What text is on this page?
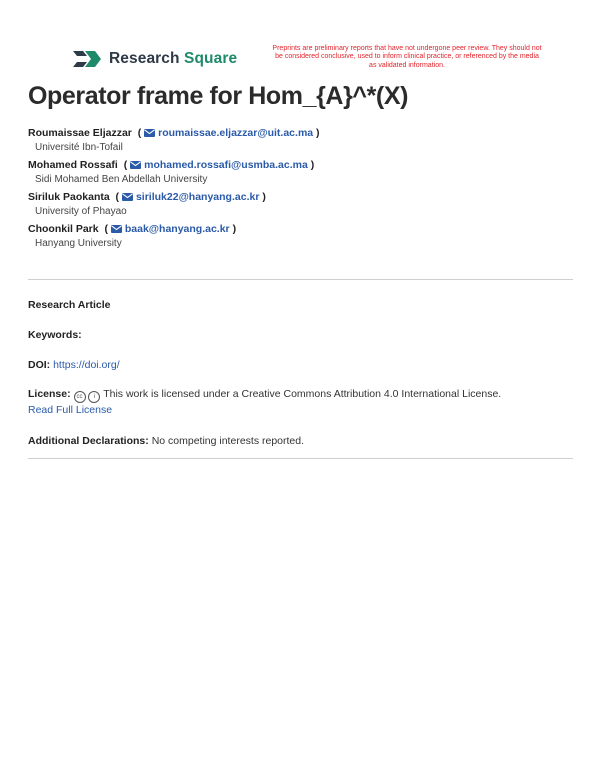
Research Square
Preprints are preliminary reports that have not undergone peer review. They should not be considered conclusive, used to inform clinical practice, or referenced by the media as validated information.
Operator frame for Hom_{A}^*(X)
Roumaissae Eljazzar  ( roumaissae.eljazzar@uit.ac.ma )
Université Ibn-Tofail
Mohamed Rossafi  ( mohamed.rossafi@usmba.ac.ma )
Sidi Mohamed Ben Abdellah University
Siriluk Paokanta  ( siriluk22@hanyang.ac.kr )
University of Phayao
Choonkil Park  ( baak@hanyang.ac.kr )
Hanyang University
Research Article
Keywords:
DOI: https://doi.org/
License: cc i This work is licensed under a Creative Commons Attribution 4.0 International License.
Read Full License
Additional Declarations: No competing interests reported.
